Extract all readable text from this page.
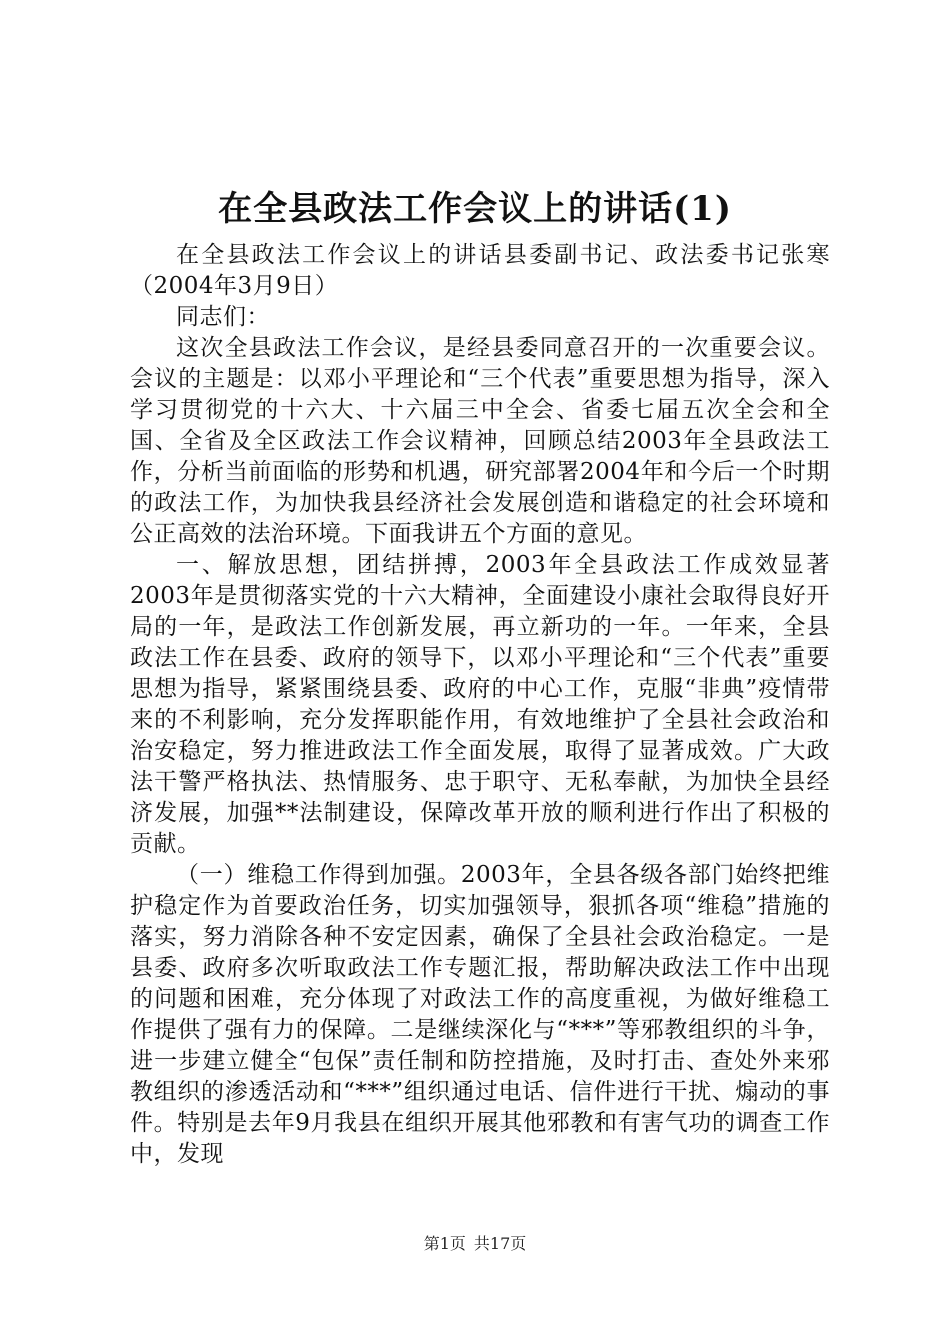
在全县政法工作会议上的讲话(1)

在全县政法工作会议上的讲话县委副书记、政法委书记张寒（2004年3月9日）

同志们：

这次全县政法工作会议，是经县委同意召开的一次重要会议。会议的主题是：以邓小平理论和“三个代表”重要思想为指导，深入学习贯彻党的十六大、十六届三中全会、省委七届五次全会和全国、全省及全区政法工作会议精神，回顾总结2003年全县政法工作，分析当前面临的形势和机遇，研究部署2004年和今后一个时期的政法工作，为加快我县经济社会发展创造和谐稳定的社会环境和公正高效的法治环境。下面我讲五个方面的意见。

一、解放思想，团结拼搏，2003年全县政法工作成效显著2003年是贯彻落实党的十六大精神，全面建设小康社会取得良好开局的一年，是政法工作创新发展，再立新功的一年。一年来，全县政法工作在县委、政府的领导下，以邓小平理论和“三个代表”重要思想为指导，紧紧围绕县委、政府的中心工作，克服“非典”疫情带来的不利影响，充分发挥职能作用，有效地维护了全县社会政治和治安稳定，努力推进政法工作全面发展，取得了显著成效。广大政法干警严格执法、热情服务、忠于职守、无私奉献，为加快全县经济发展，加强**法制建设，保障改革开放的顺利进行作出了积极的贡献。

（一）维稳工作得到加强。2003年，全县各级各部门始终把维护稳定作为首要政治任务，切实加强领导，狠抓各项“维稳”措施的落实，努力消除各种不安定因素，确保了全县社会政治稳定。一是县委、政府多次听取政法工作专题汇报，帮助解决政法工作中出现的问题和困难，充分体现了对政法工作的高度重视，为做好维稳工作提供了强有力的保障。二是继续深化与“***”等邪教组织的斗争，进一步建立健全“包保”责任制和防控措施，及时打击、查处外来邪教组织的渗透活动和“***”组织通过电话、信件进行干扰、煽动的事件。特别是去年9月我县在组织开展其他邪教和有害气功的调查工作中，发现

第1页 共17页
